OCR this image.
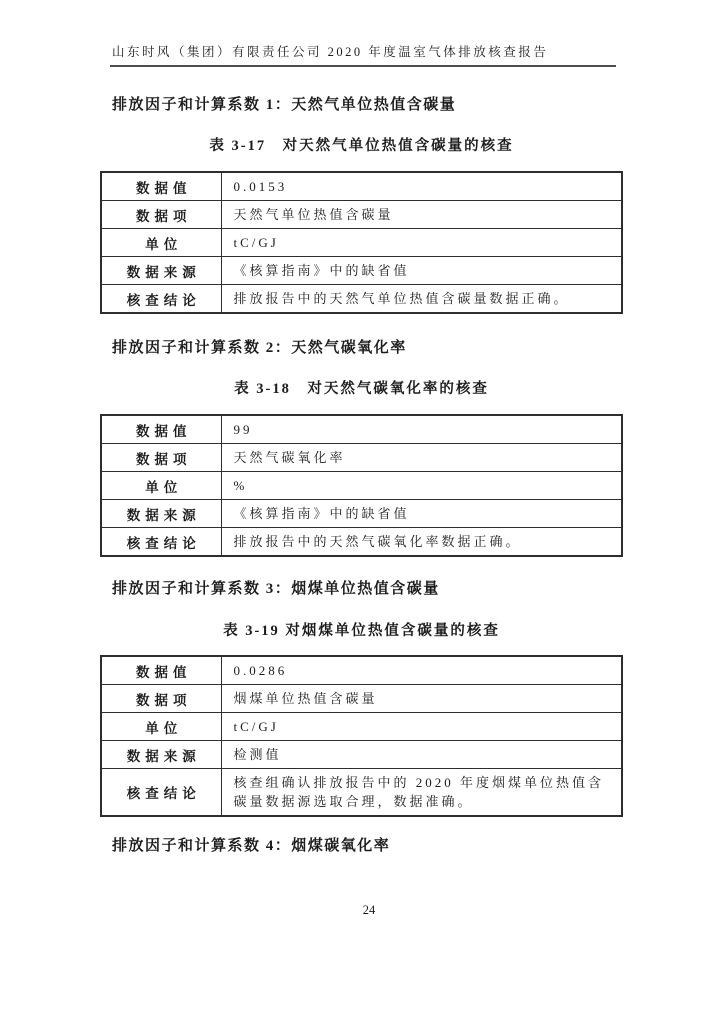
山东时风（集团）有限责任公司 2020 年度温室气体排放核查报告
排放因子和计算系数 1：天然气单位热值含碳量
表 3-17　对天然气单位热值含碳量的核查
数据值	0.0153
数据项	天然气单位热值含碳量
单位	tC/GJ
数据来源	《核算指南》中的缺省值
核查结论	排放报告中的天然气单位热值含碳量数据正确。
排放因子和计算系数 2：天然气碳氧化率
表 3-18　对天然气碳氧化率的核查
数据值	99
数据项	天然气碳氧化率
单位	%
数据来源	《核算指南》中的缺省值
核查结论	排放报告中的天然气碳氧化率数据正确。
排放因子和计算系数 3：烟煤单位热值含碳量
表 3-19 对烟煤单位热值含碳量的核查
数据值	0.0286
数据项	烟煤单位热值含碳量
单位	tC/GJ
数据来源	检测值
核查结论	核查组确认排放报告中的 2020 年度烟煤单位热值含碳量数据源选取合理，数据准确。
排放因子和计算系数 4：烟煤碳氧化率
24
